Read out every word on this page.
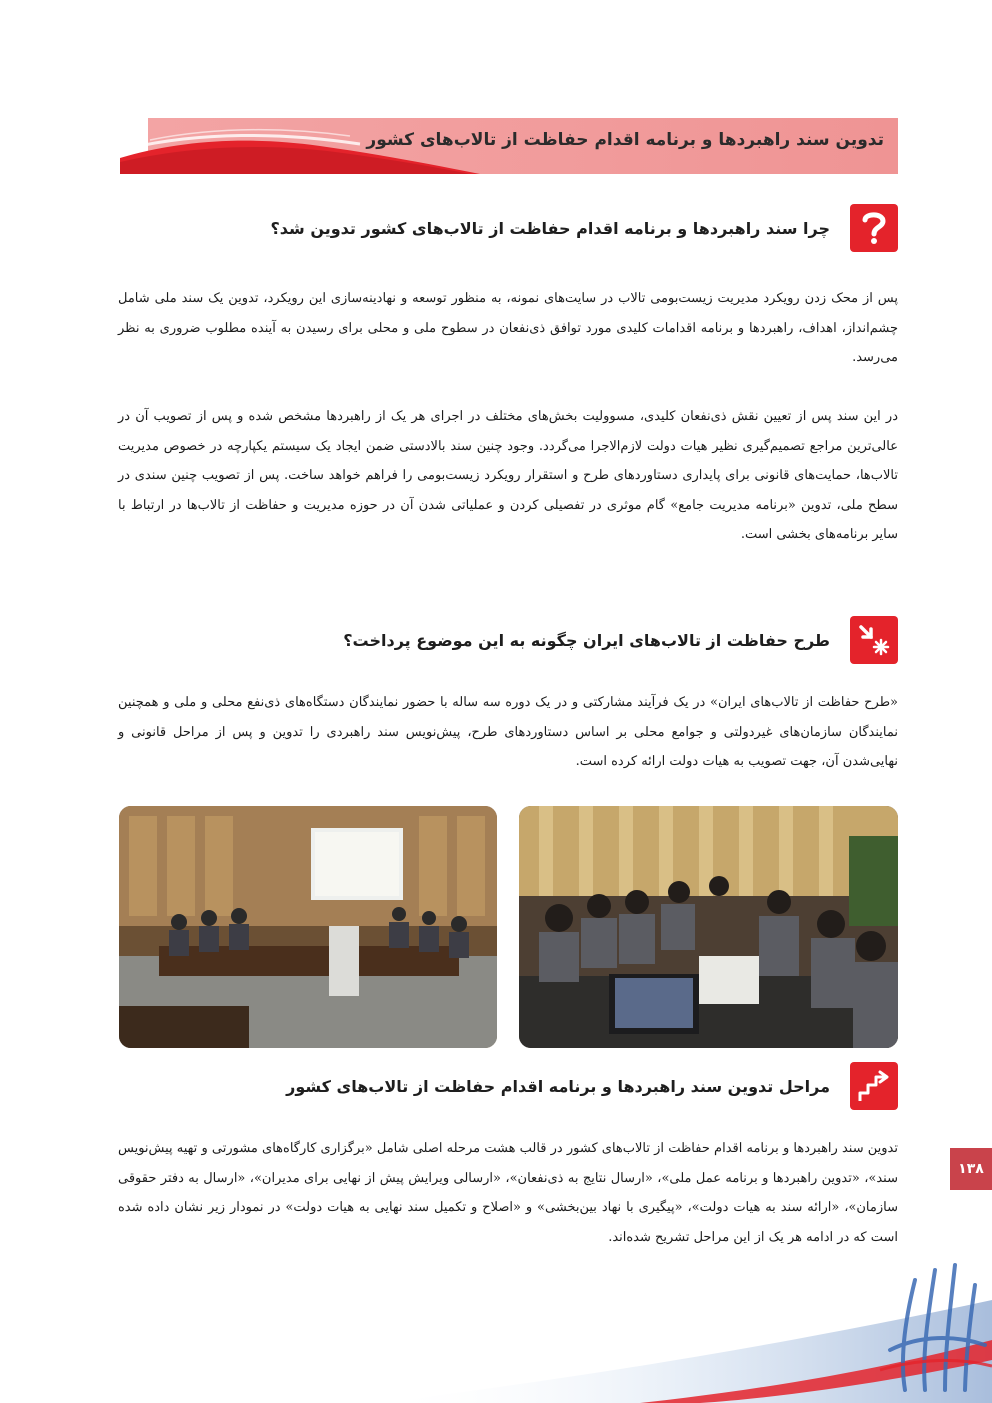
تدوین سند راهبردها و برنامه اقدام حفاظت از تالاب‌های کشور
چرا سند راهبردها و برنامه اقدام حفاظت از تالاب‌های کشور تدوین شد؟
پس از محک زدن رویکرد مدیریت زیست‌بومی تالاب در سایت‌های نمونه، به منظور توسعه و نهادینه‌سازی این رویکرد، تدوین یک سند ملی شامل چشم‌انداز، اهداف، راهبردها و برنامه اقدامات کلیدی مورد توافق ذی‌نفعان در سطوح ملی و محلی برای رسیدن به آینده مطلوب ضروری به نظر می‌رسد.
در این سند پس از تعیین نقش ذی‌نفعان کلیدی، مسوولیت بخش‌های مختلف در اجرای هر یک از راهبردها مشخص شده و پس از تصویب آن در عالی‌ترین مراجع تصمیم‌گیری نظیر هیات دولت لازم‌الاجرا می‌گردد. وجود چنین سند بالادستی ضمن ایجاد یک سیستم یکپارچه در خصوص مدیریت تالاب‌ها، حمایت‌های قانونی برای پایداری دستاوردهای طرح و استقرار رویکرد زیست‌بومی را فراهم خواهد ساخت. پس از تصویب چنین سندی در سطح ملی، تدوین «برنامه مدیریت جامع» گام موثری در تفصیلی کردن و عملیاتی شدن آن در حوزه مدیریت و حفاظت از تالاب‌ها در ارتباط با سایر برنامه‌های بخشی است.
طرح حفاظت از تالاب‌های ایران چگونه به این موضوع پرداخت؟
«طرح حفاظت از تالاب‌های ایران» در یک فرآیند مشارکتی و در یک دوره سه ساله با حضور نمایندگان دستگاه‌های ذی‌نفع محلی و ملی و همچنین نمایندگان سازمان‌های غیردولتی و جوامع محلی بر اساس دستاوردهای طرح، پیش‌نویس سند راهبردی را تدوین و پس از مراحل قانونی و نهایی‌شدن آن، جهت تصویب به هیات دولت ارائه کرده است.
مراحل تدوین سند راهبردها و برنامه اقدام حفاظت از تالاب‌های کشور
تدوین سند راهبردها و برنامه اقدام حفاظت از تالاب‌های کشور در قالب هشت مرحله اصلی شامل «برگزاری کارگاه‌های مشورتی و تهیه پیش‌نویس سند»، «تدوین راهبردها و برنامه عمل ملی»، «ارسال نتایج به ذی‌نفعان»، «ارسالی ویرایش پیش از نهایی برای مدیران»، «ارسال به دفتر حقوقی سازمان»، «ارائه سند به هیات دولت»، «پیگیری با نهاد بین‌بخشی» و «اصلاح و تکمیل سند نهایی به هیات دولت» در نمودار زیر نشان داده شده است که در ادامه هر یک از این مراحل تشریح شده‌اند.
۱۳۸
